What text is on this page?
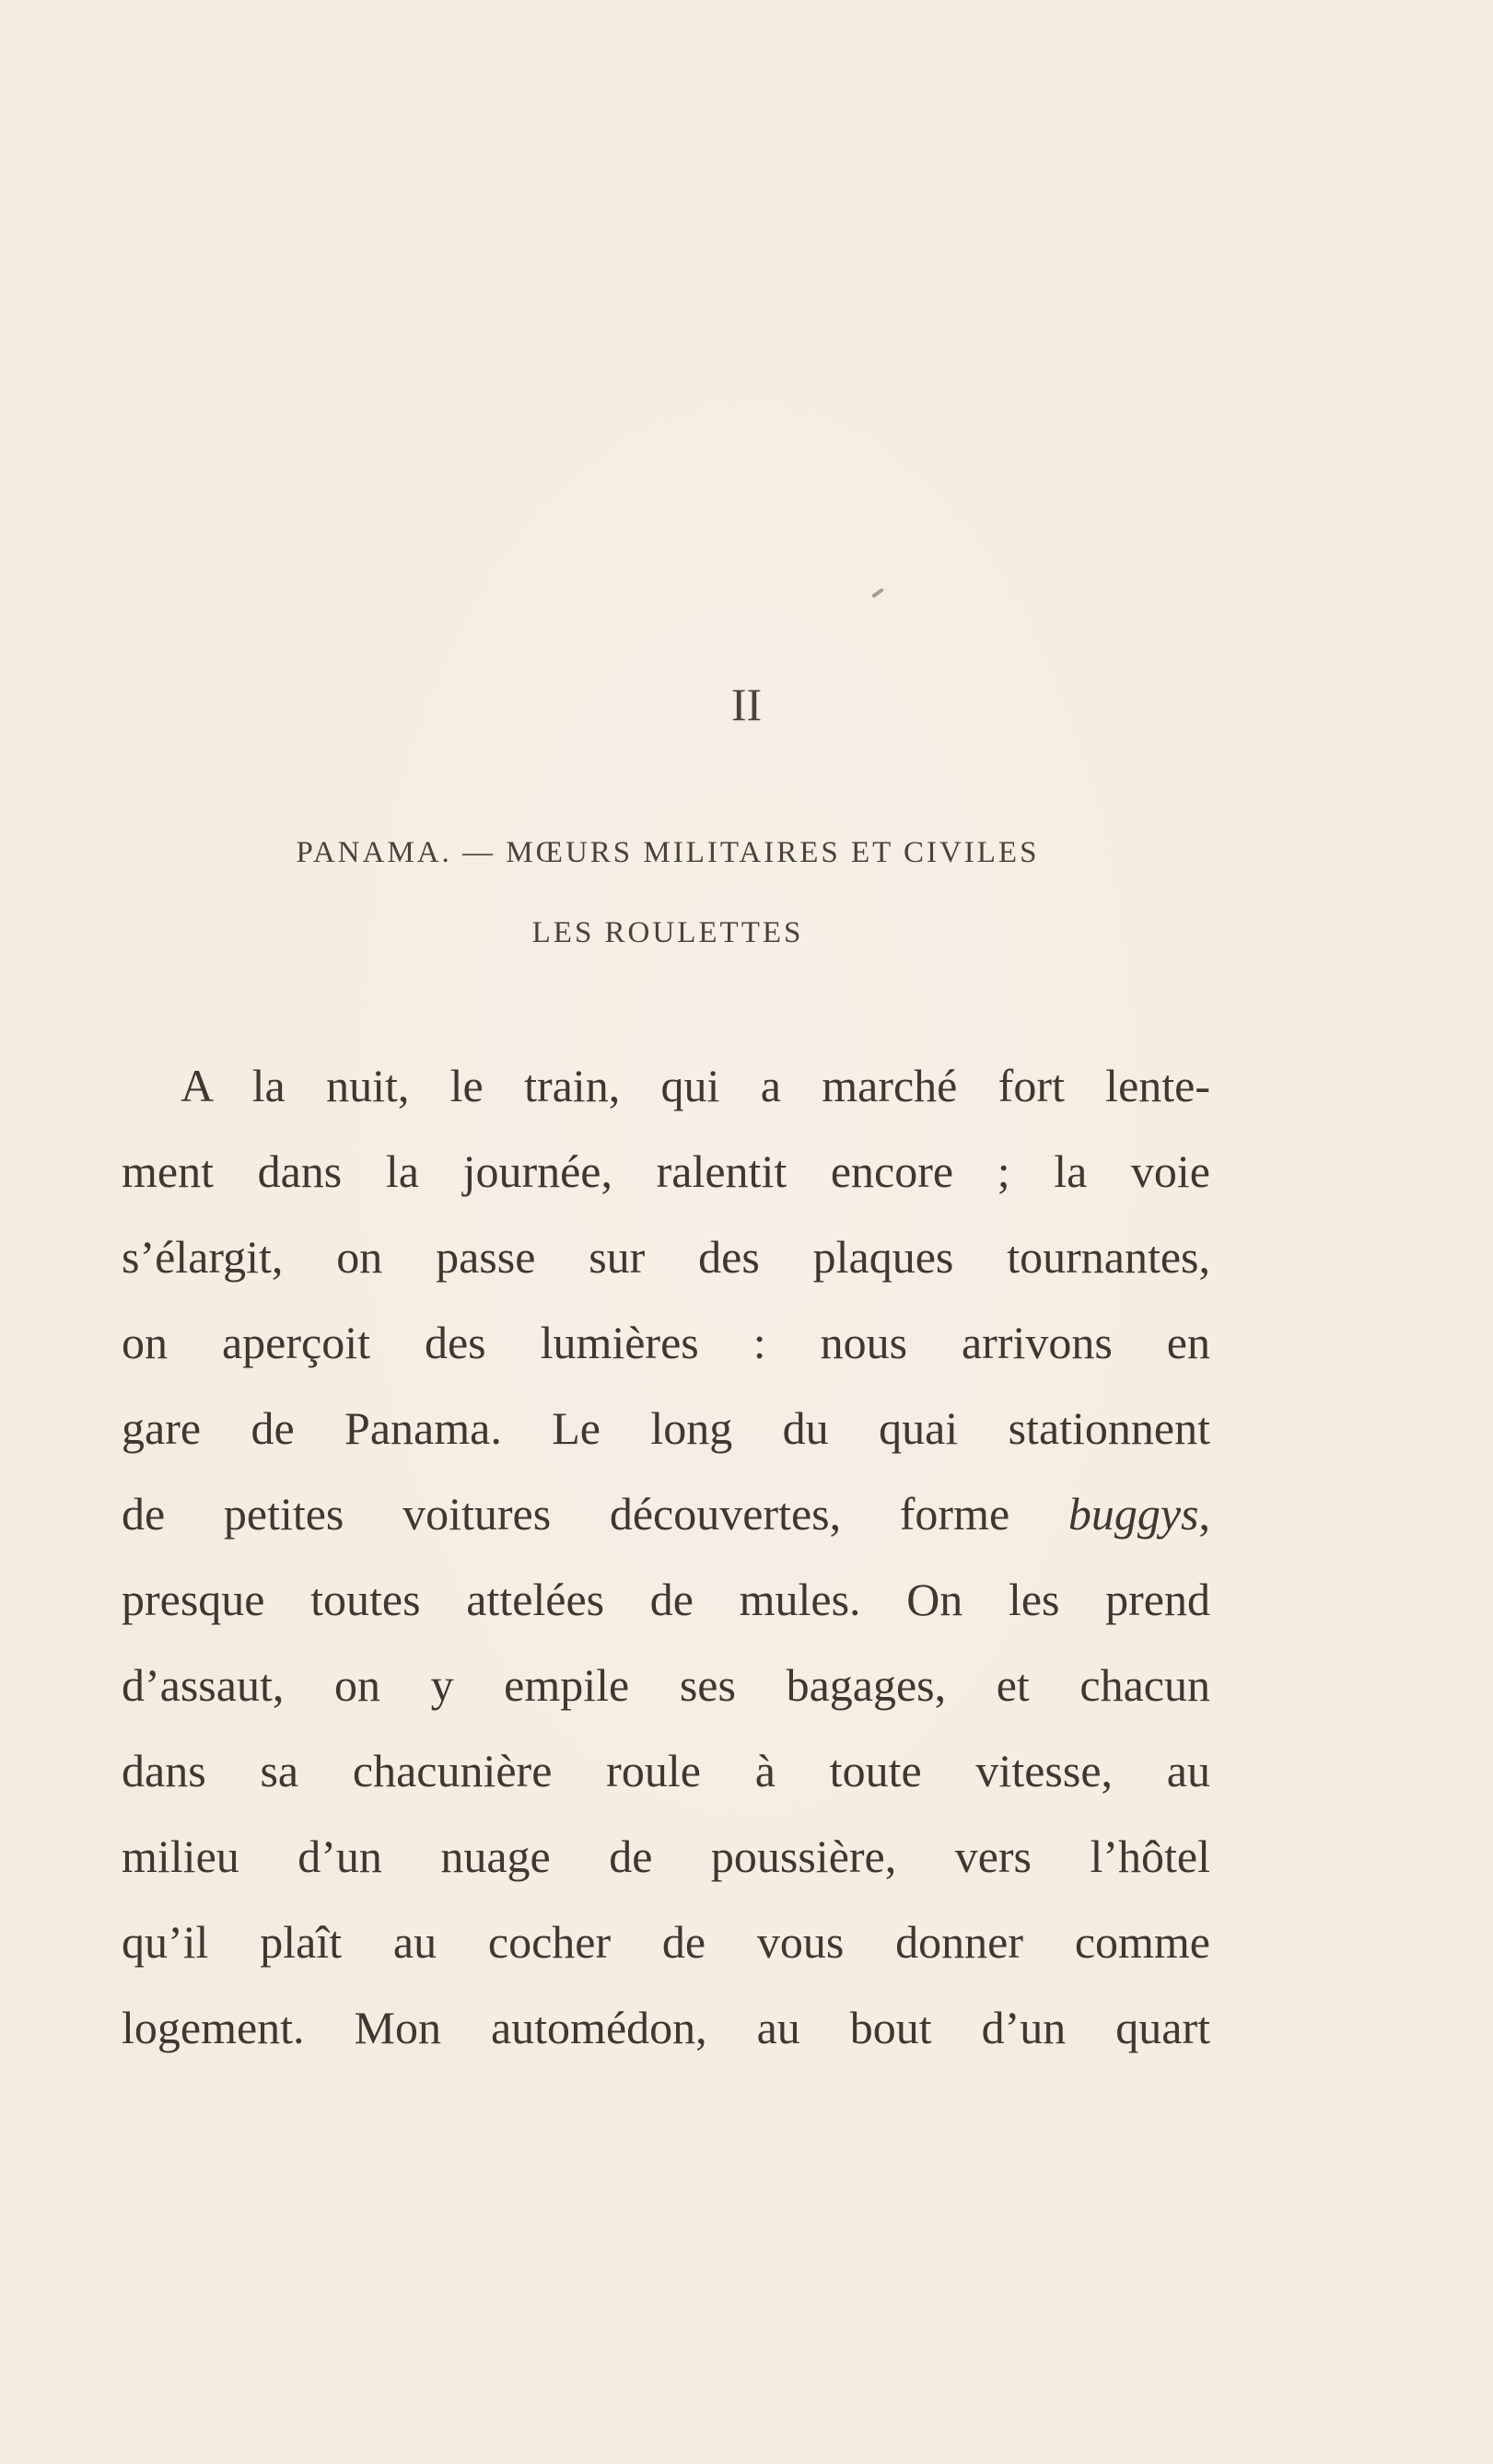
II
PANAMA. — MŒURS MILITAIRES ET CIVILES
LES ROULETTES
A la nuit, le train, qui a marché fort lente-
ment dans la journée, ralentit encore ; la voie
s’élargit, on passe sur des plaques tournantes,
on aperçoit des lumières : nous arrivons en
gare de Panama. Le long du quai stationnent
de petites voitures découvertes, forme buggys,
presque toutes attelées de mules. On les prend
d’assaut, on y empile ses bagages, et chacun
dans sa chacunière roule à toute vitesse, au
milieu d’un nuage de poussière, vers l’hôtel
qu’il plaît au cocher de vous donner comme
logement. Mon automédon, au bout d’un quart
